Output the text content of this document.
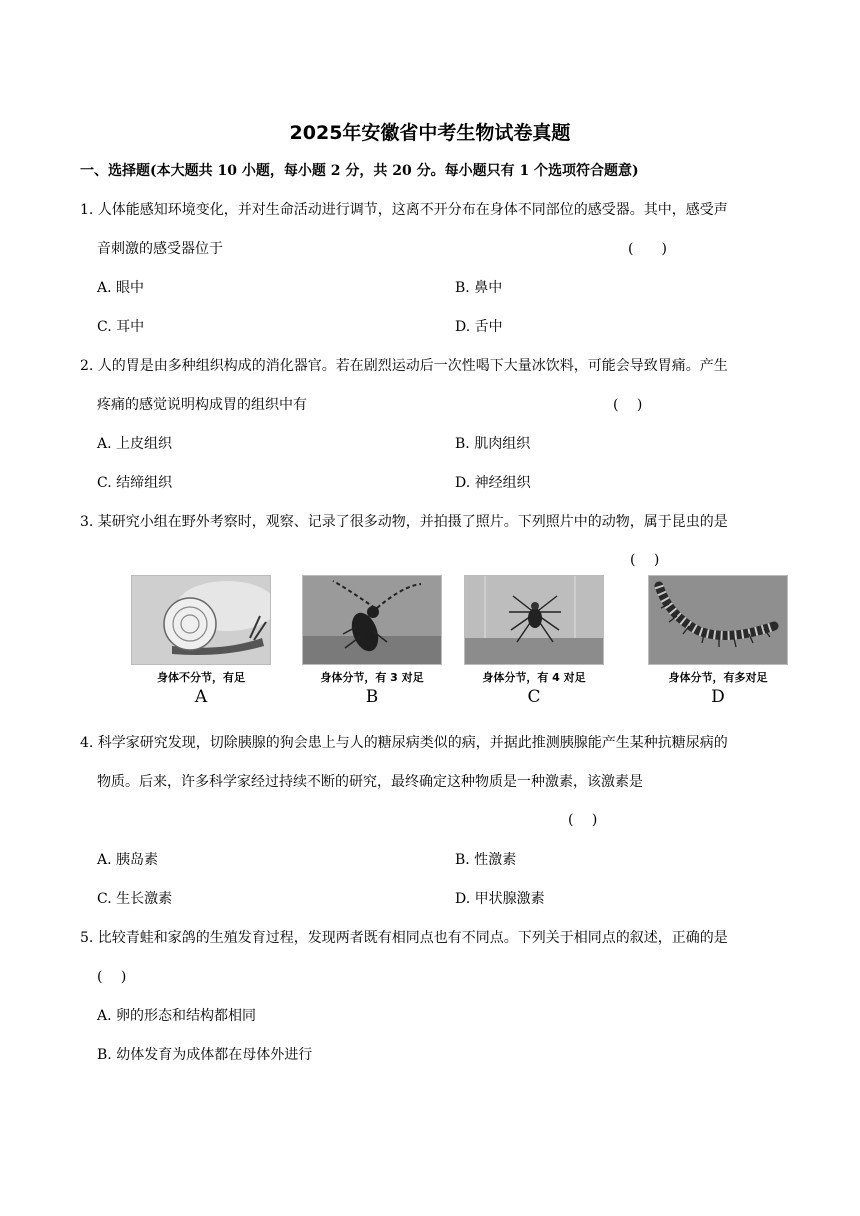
2025年安徽省中考生物试卷真题
一、选择题(本大题共 10 小题，每小题 2 分，共 20 分。每小题只有 1 个选项符合题意)
1. 人体能感知环境变化，并对生命活动进行调节，这离不开分布在身体不同部位的感受器。其中，感受声
音刺激的感受器位于	(　　)
A. 眼中	B. 鼻中
C. 耳中	D. 舌中
2. 人的胃是由多种组织构成的消化器官。若在剧烈运动后一次性喝下大量冰饮料，可能会导致胃痛。产生
疼痛的感觉说明构成胃的组织中有	(　 )
A. 上皮组织	B. 肌肉组织
C. 结缔组织	D. 神经组织
3. 某研究小组在野外考察时，观察、记录了很多动物，并拍摄了照片。下列照片中的动物，属于昆虫的是
(　 )
身体不分节，有足
A
身体分节，有 3 对足
B
身体分节，有 4 对足
C
身体分节，有多对足
D
4. 科学家研究发现，切除胰腺的狗会患上与人的糖尿病类似的病，并据此推测胰腺能产生某种抗糖尿病的
物质。后来，许多科学家经过持续不断的研究，最终确定这种物质是一种激素，该激素是
(　 )
A. 胰岛素	B. 性激素
C. 生长激素	D. 甲状腺激素
5. 比较青蛙和家鸽的生殖发育过程，发现两者既有相同点也有不同点。下列关于相同点的叙述，正确的是
(　 )
A. 卵的形态和结构都相同
B. 幼体发育为成体都在母体外进行
